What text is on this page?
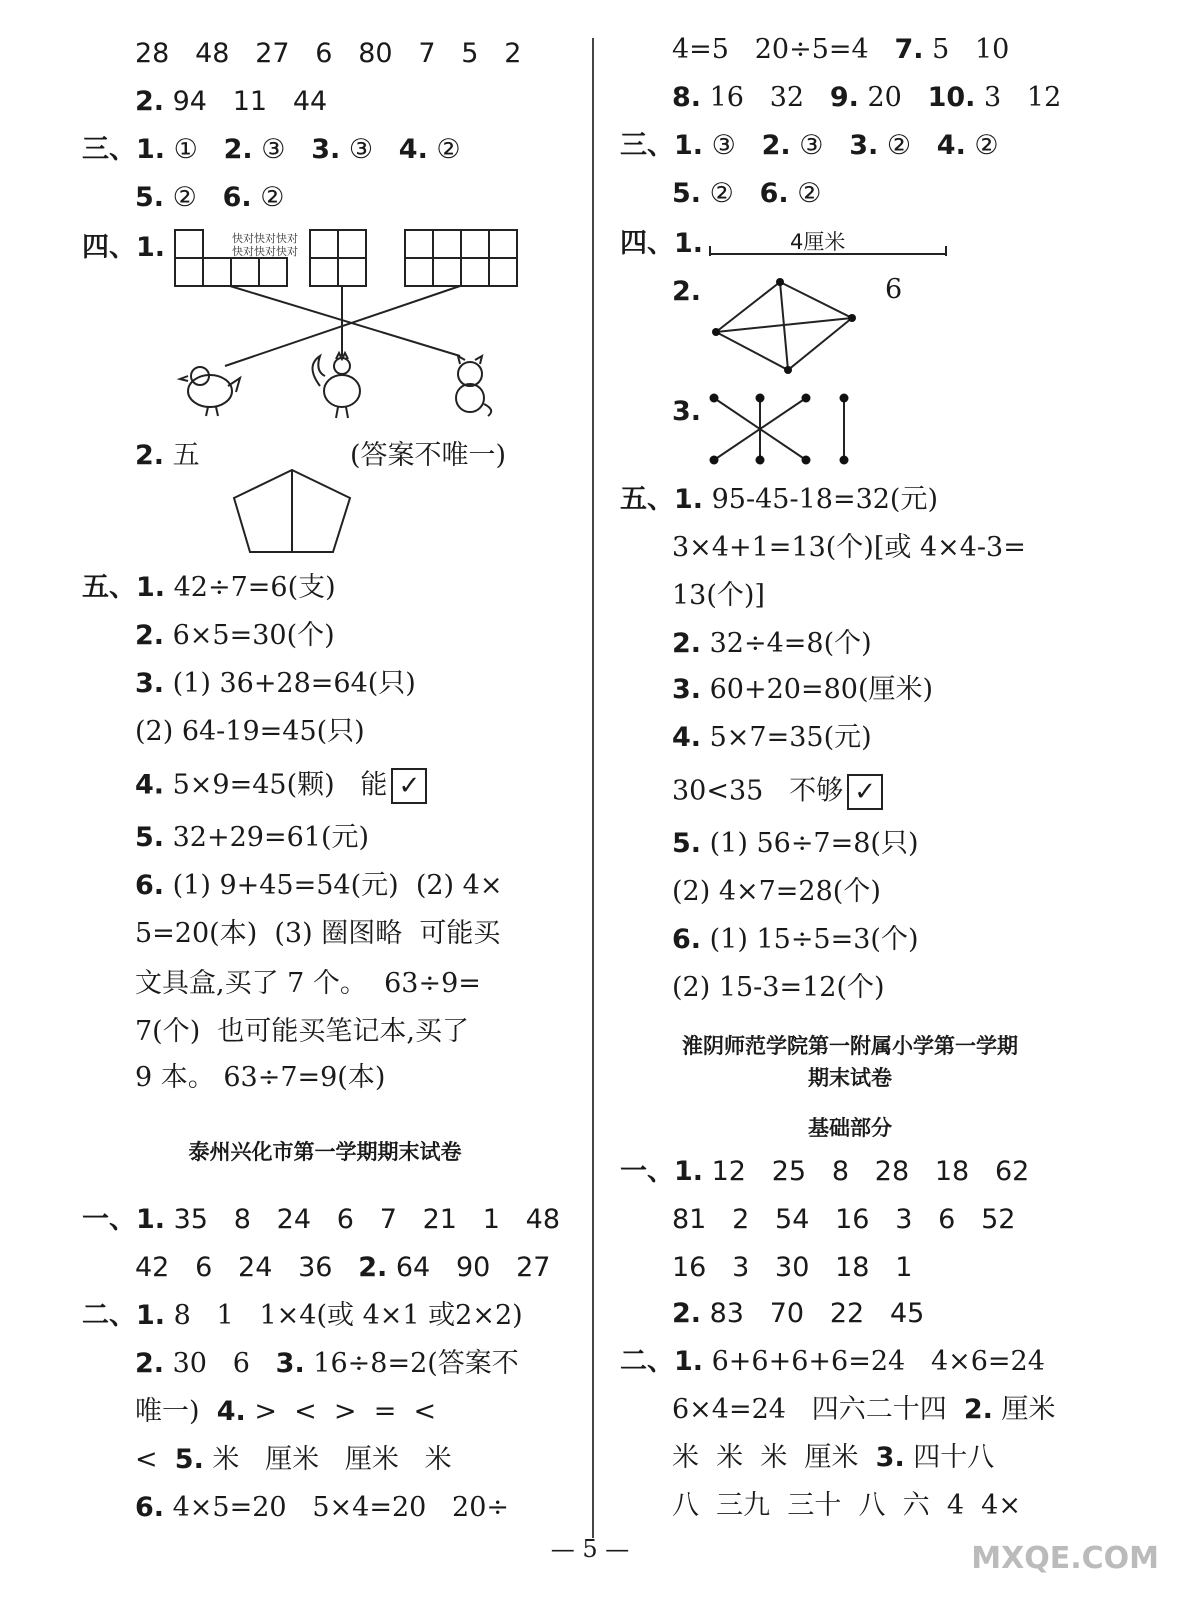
28   48   27   6   80   7   5   2
2. 94   11   44
三、1. ①   2. ③   3. ③   4. ②
5. ②   6. ②
四、1.	快对快对快对
快对快对快对
2. 五	(答案不唯一)
五、1. 42÷7=6(支)
2. 6×5=30(个)
3. (1) 36+28=64(只)
(2) 64-19=45(只)
4. 5×9=45(颗)   能 ✓
5. 32+29=61(元)
6. (1) 9+45=54(元)  (2) 4×
5=20(本)  (3) 圈图略  可能买
文具盒,买了 7 个。  63÷9=
7(个)  也可能买笔记本,买了
9 本。 63÷7=9(本)
泰州兴化市第一学期期末试卷
一、1. 35   8   24   6   7   21   1   48
42   6   24   36   2. 64   90   27
二、1. 8   1   1×4(或 4×1 或2×2)
2. 30   6   3. 16÷8=2(答案不
唯一)  4. >  <  >  =  <
<  5. 米   厘米   厘米   米
6. 4×5=20   5×4=20   20÷
4=5   20÷5=4   7. 5   10
8. 16   32   9. 20   10. 3   12
三、1. ③   2. ③   3. ②   4. ②
5. ②   6. ②
四、1.	4厘米
2.	6
3.
五、1. 95-45-18=32(元)
3×4+1=13(个)[或 4×4-3=
13(个)]
2. 32÷4=8(个)
3. 60+20=80(厘米)
4. 5×7=35(元)
30<35   不够 ✓
5. (1) 56÷7=8(只)
(2) 4×7=28(个)
6. (1) 15÷5=3(个)
(2) 15-3=12(个)
淮阴师范学院第一附属小学第一学期
期末试卷
基础部分
一、1. 12   25   8   28   18   62
81   2   54   16   3   6   52
16   3   30   18   1
2. 83   70   22   45
二、1. 6+6+6+6=24   4×6=24
6×4=24   四六二十四  2. 厘米
米  米  米  厘米  3. 四十八
八  三九  三十  八  六  4  4×
— 5 —	MXQE.COM
